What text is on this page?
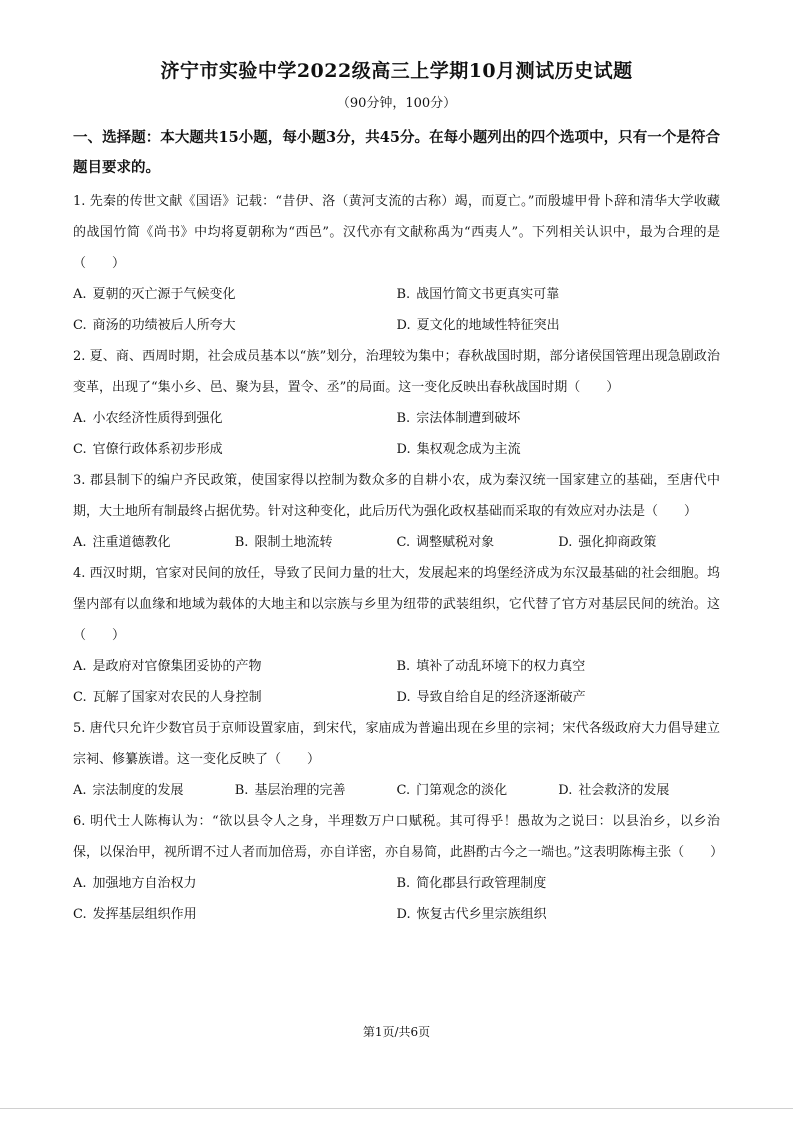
济宁市实验中学2022级高三上学期10月测试历史试题
（90分钟，100分）
一、选择题：本大题共15小题，每小题3分，共45分。在每小题列出的四个选项中，只有一个是符合题目要求的。

1. 先秦的传世文献《国语》记载：“昔伊、洛（黄河支流的古称）竭，而夏亡。”而殷墟甲骨卜辞和清华大学收藏的战国竹简《尚书》中均将夏朝称为“西邑”。汉代亦有文献称禹为“西夷人”。下列相关认识中，最为合理的是（　　）

A. 夏朝的灭亡源于气候变化	B. 战国竹简文书更真实可靠
C. 商汤的功绩被后人所夸大	D. 夏文化的地域性特征突出

2. 夏、商、西周时期，社会成员基本以“族”划分，治理较为集中；春秋战国时期，部分诸侯国管理出现急剧政治变革，出现了“集小乡、邑、聚为县，置令、丞”的局面。这一变化反映出春秋战国时期（　　）

A. 小农经济性质得到强化	B. 宗法体制遭到破坏
C. 官僚行政体系初步形成	D. 集权观念成为主流

3. 郡县制下的编户齐民政策，使国家得以控制为数众多的自耕小农，成为秦汉统一国家建立的基础，至唐代中期，大土地所有制最终占据优势。针对这种变化，此后历代为强化政权基础而采取的有效应对办法是（　　）

A. 注重道德教化	B. 限制土地流转	C. 调整赋税对象	D. 强化抑商政策

4. 西汉时期，官家对民间的放任，导致了民间力量的壮大，发展起来的坞堡经济成为东汉最基础的社会细胞。坞堡内部有以血缘和地域为载体的大地主和以宗族与乡里为纽带的武装组织，它代替了官方对基层民间的统治。这（　　）

A. 是政府对官僚集团妥协的产物	B. 填补了动乱环境下的权力真空
C. 瓦解了国家对农民的人身控制	D. 导致自给自足的经济逐渐破产

5. 唐代只允许少数官员于京师设置家庙，到宋代，家庙成为普遍出现在乡里的宗祠；宋代各级政府大力倡导建立宗祠、修纂族谱。这一变化反映了（　　）

A. 宗法制度的发展	B. 基层治理的完善	C. 门第观念的淡化	D. 社会救济的发展

6. 明代士人陈梅认为：“欲以县令人之身，半理数万户口赋税。其可得乎！愚故为之说曰：以县治乡，以乡治保，以保治甲，视所谓不过人者而加倍焉，亦自详密，亦自易简，此斟酌古今之一端也。”这表明陈梅主张（　　）

A. 加强地方自治权力	B. 简化郡县行政管理制度
C. 发挥基层组织作用	D. 恢复古代乡里宗族组织
第1页/共6页
